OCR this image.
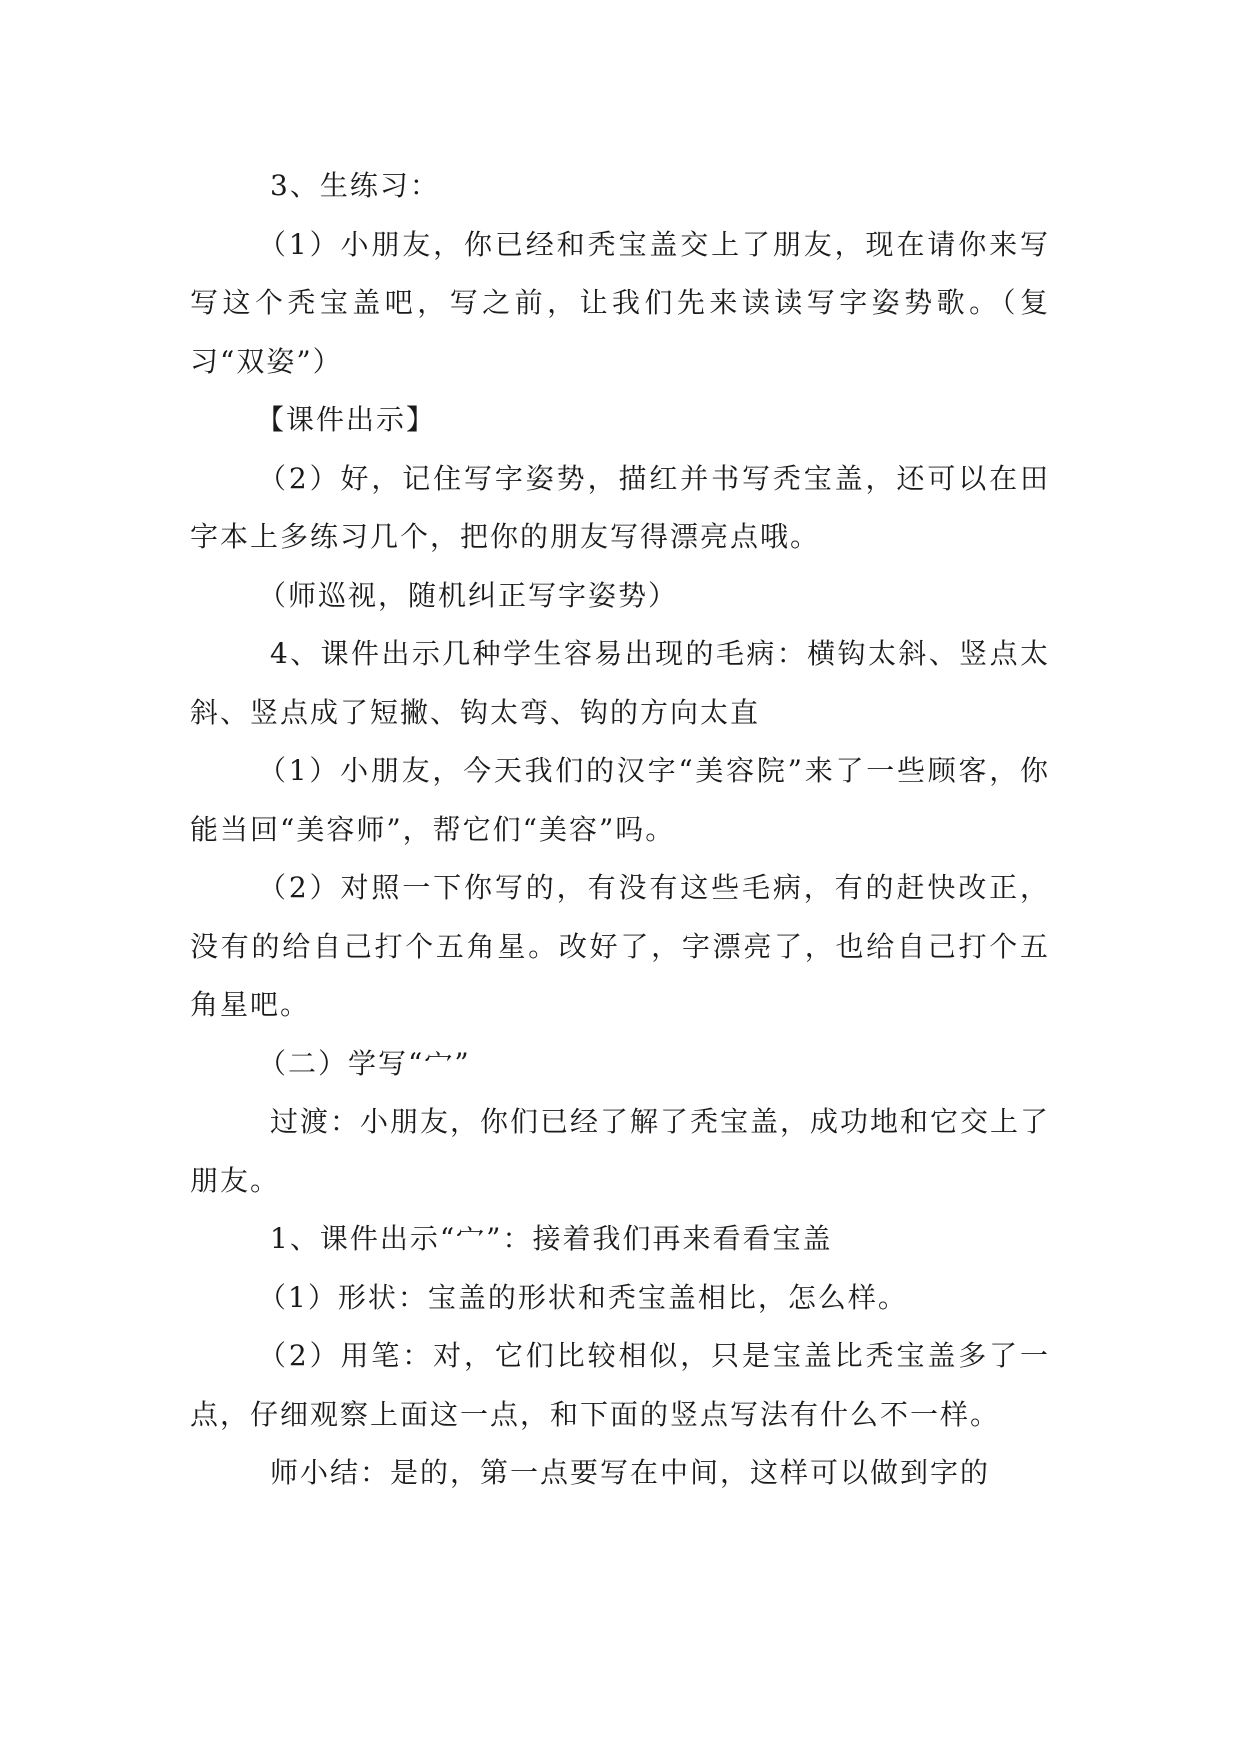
3、生练习：

（1）小朋友，你已经和秃宝盖交上了朋友，现在请你来写写这个秃宝盖吧，写之前，让我们先来读读写字姿势歌。（复习“双姿”）

【课件出示】

（2）好，记住写字姿势，描红并书写秃宝盖，还可以在田字本上多练习几个，把你的朋友写得漂亮点哦。

（师巡视，随机纠正写字姿势）

4、课件出示几种学生容易出现的毛病：横钩太斜、竖点太斜、竖点成了短撇、钩太弯、钩的方向太直

（1）小朋友，今天我们的汉字“美容院”来了一些顾客，你能当回“美容师”，帮它们“美容”吗。

（2）对照一下你写的，有没有这些毛病，有的赶快改正，没有的给自己打个五角星。改好了，字漂亮了，也给自己打个五角星吧。

（二）学写“宀”

过渡：小朋友，你们已经了解了秃宝盖，成功地和它交上了朋友。

1、课件出示“宀”：接着我们再来看看宝盖

（1）形状：宝盖的形状和秃宝盖相比，怎么样。

（2）用笔：对，它们比较相似，只是宝盖比秃宝盖多了一点，仔细观察上面这一点，和下面的竖点写法有什么不一样。

师小结：是的，第一点要写在中间，这样可以做到字的
